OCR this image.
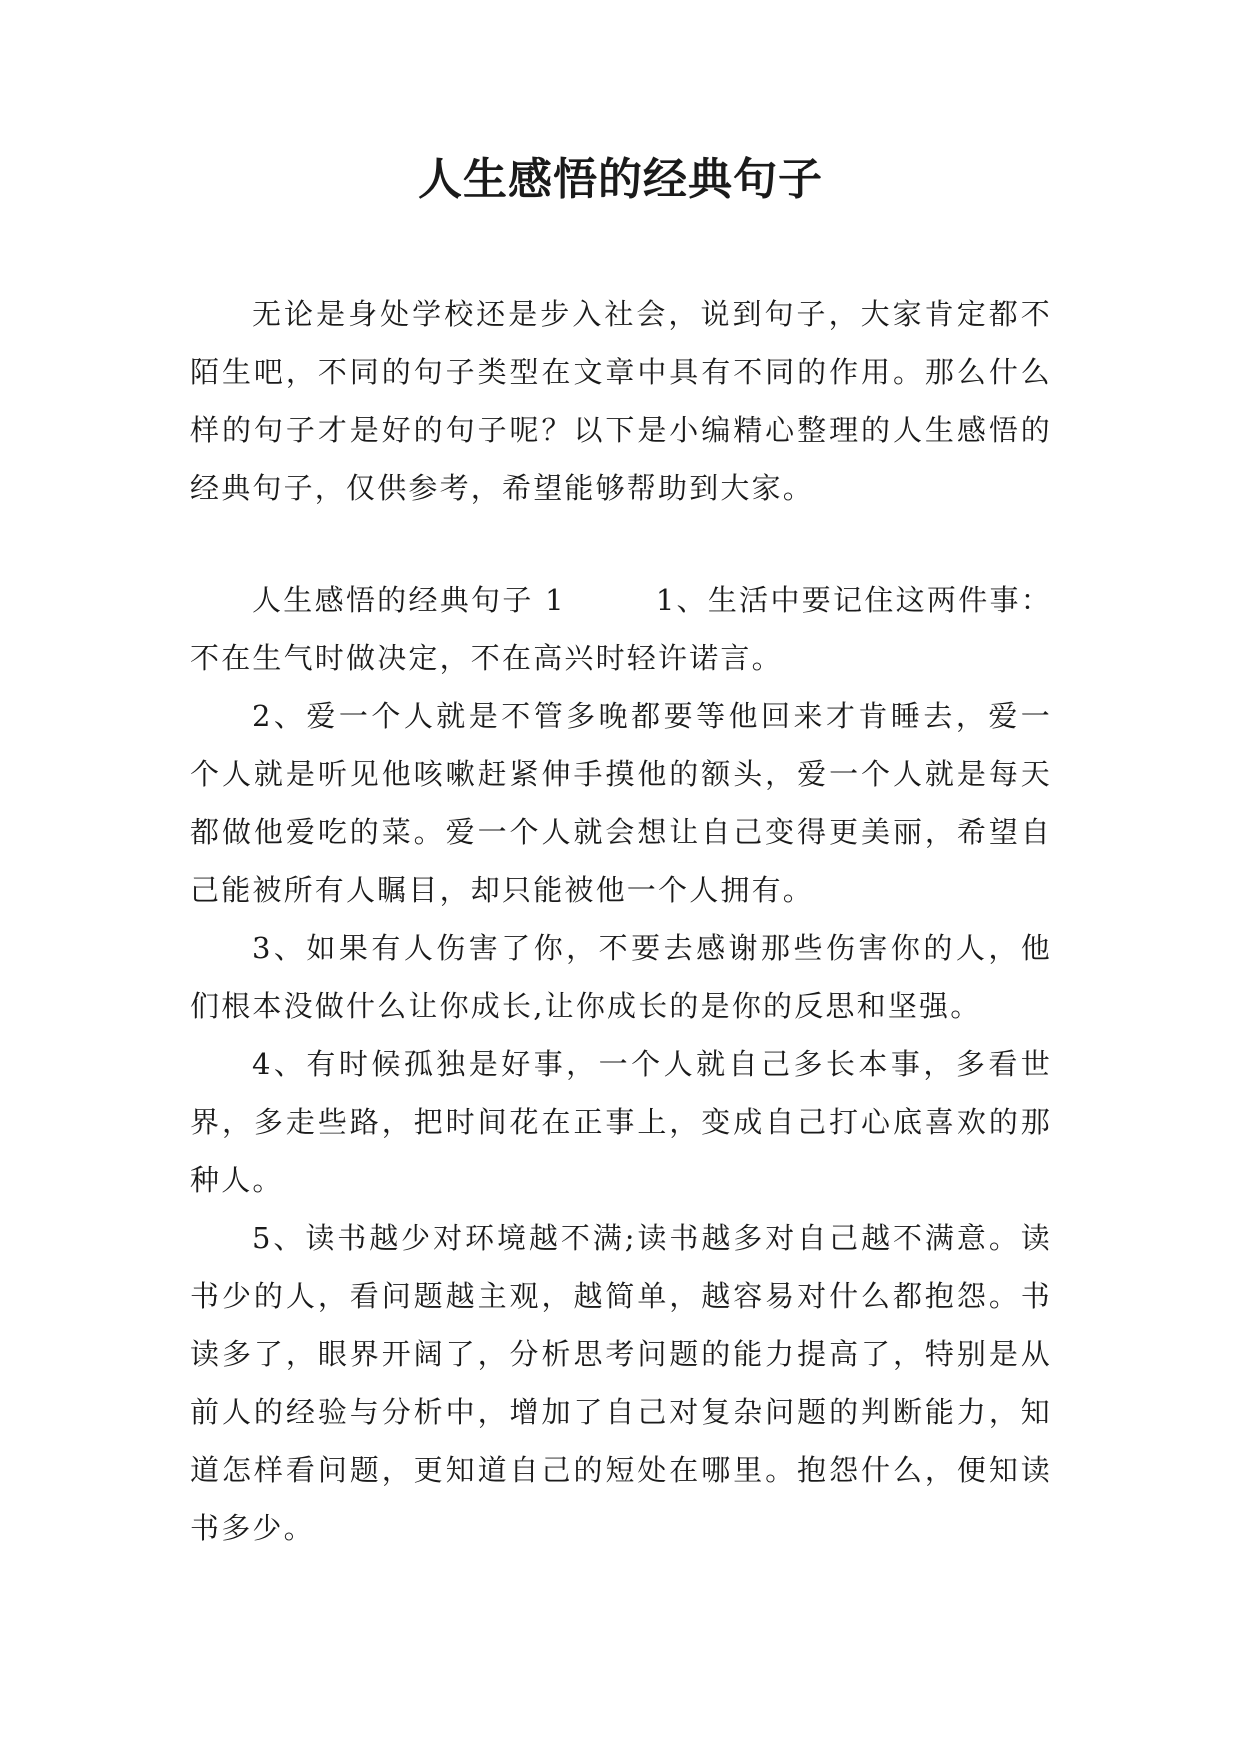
人生感悟的经典句子

无论是身处学校还是步入社会，说到句子，大家肯定都不陌生吧，不同的句子类型在文章中具有不同的作用。那么什么样的句子才是好的句子呢？以下是小编精心整理的人生感悟的经典句子，仅供参考，希望能够帮助到大家。

人生感悟的经典句子 1	1、生活中要记住这两件事：不在生气时做决定，不在高兴时轻许诺言。

2、爱一个人就是不管多晚都要等他回来才肯睡去，爱一个人就是听见他咳嗽赶紧伸手摸他的额头，爱一个人就是每天都做他爱吃的菜。爱一个人就会想让自己变得更美丽，希望自己能被所有人瞩目，却只能被他一个人拥有。

3、如果有人伤害了你，不要去感谢那些伤害你的人，他们根本没做什么让你成长,让你成长的是你的反思和坚强。

4、有时候孤独是好事，一个人就自己多长本事，多看世界，多走些路，把时间花在正事上，变成自己打心底喜欢的那种人。

5、读书越少对环境越不满;读书越多对自己越不满意。读书少的人，看问题越主观，越简单，越容易对什么都抱怨。书读多了，眼界开阔了，分析思考问题的能力提高了，特别是从前人的经验与分析中，增加了自己对复杂问题的判断能力，知道怎样看问题，更知道自己的短处在哪里。抱怨什么，便知读书多少。
